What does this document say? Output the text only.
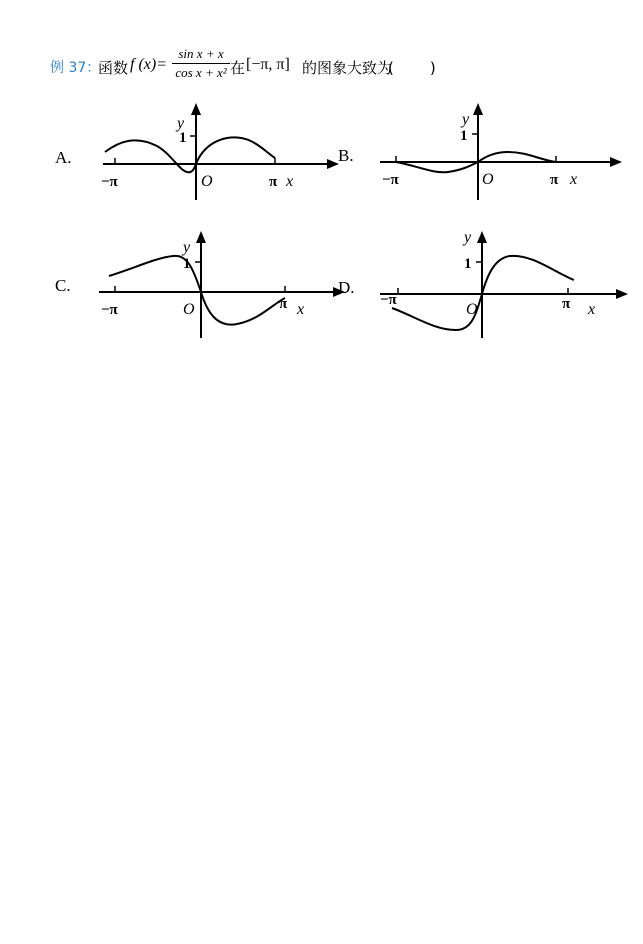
例 37：
函数 f $(x)= \frac{\text{sin x + x}}{\text{cos x + x²}}$ 在 [−π, π] 的图象大致为
(　　)
A.
y
1
O
−π	π x
B.
y
1
O
−π	π x
C.
y
1
O
−π	π x
D.
y
1
O
−π	π x
